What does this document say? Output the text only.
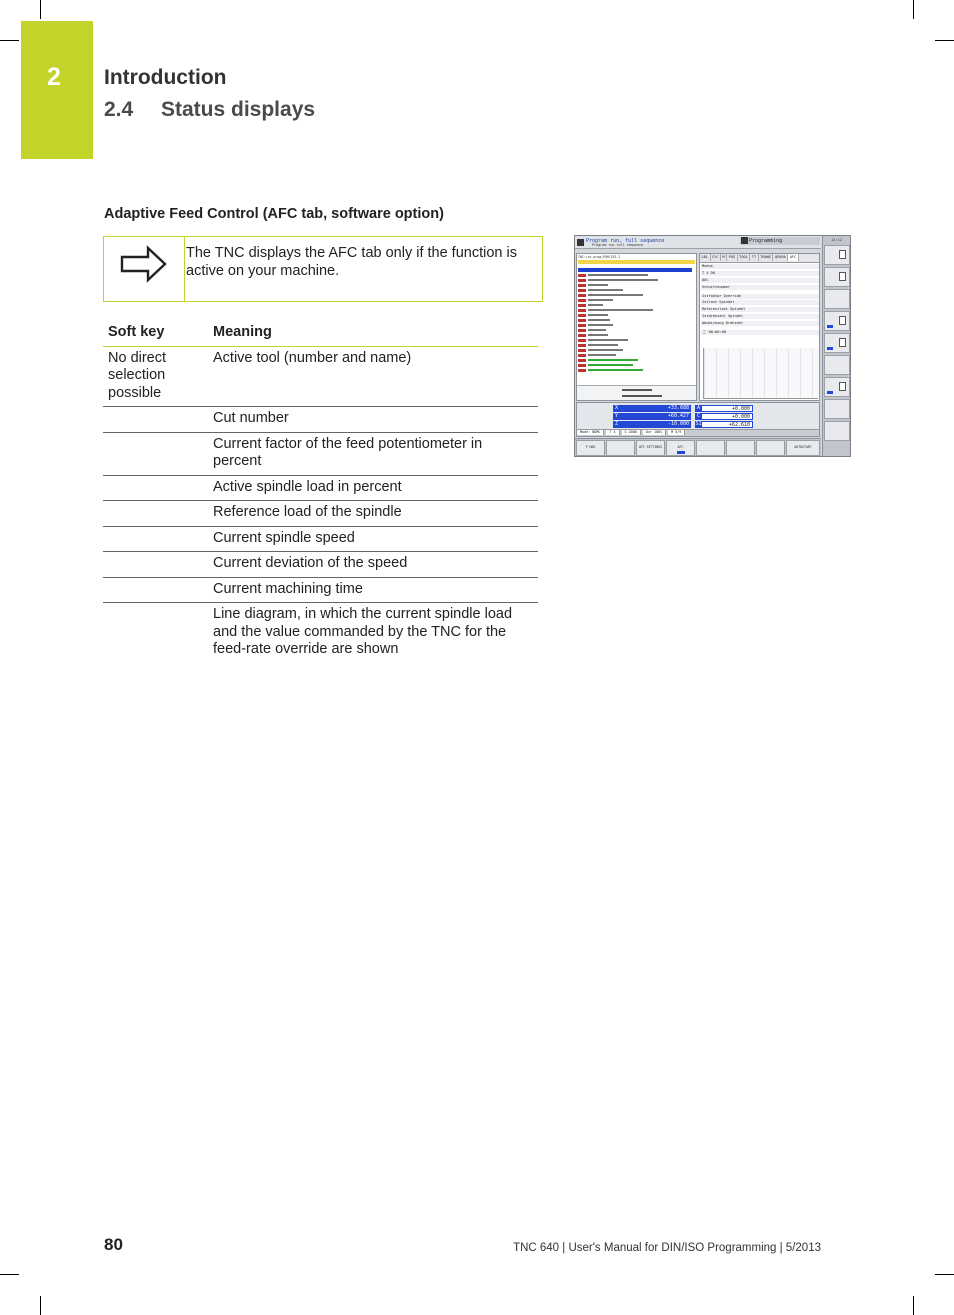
2	Introduction
2.4 Status displays
Adaptive Feed Control (AFC tab, software option)
The TNC displays the AFC tab only if the function is active on your machine.
Soft key	Meaning
No direct selection possible	Active tool (number and name)
	Cut number
	Current factor of the feed potentiometer in percent
	Active spindle load in percent
	Reference load of the spindle
	Current spindle speed
	Current deviation of the speed
	Current machining time
	Line diagram, in which the current spindle load and the value commanded by the TNC for the feed-rate override are shown
Program run, full sequence
Program run full sequence
Programming
TNC:\nc_prog\PGM\333.I	LBL CYC M POS TOOL TT TRANS QPARA AFC
Modus
T 4 D6
DOC
Schnittnummer
Istfaktor Override
Istlast Spindel
Referenzlast Spindel
Istdrehzahl Spindel
Abweichung Drehzahl
⌚ 00:00:00
X	+33.688
Y	+60.427
Z	-10.000
A	+0.000
C	+0.000
S1	+62.610
Mode: NOML	T 4	S 2000	Ovr 100%	M 5/9
12:12
F MAX	AFC SETTINGS	AFC	AUTOSTART
80	TNC 640 | User's Manual for DIN/ISO Programming | 5/2013
